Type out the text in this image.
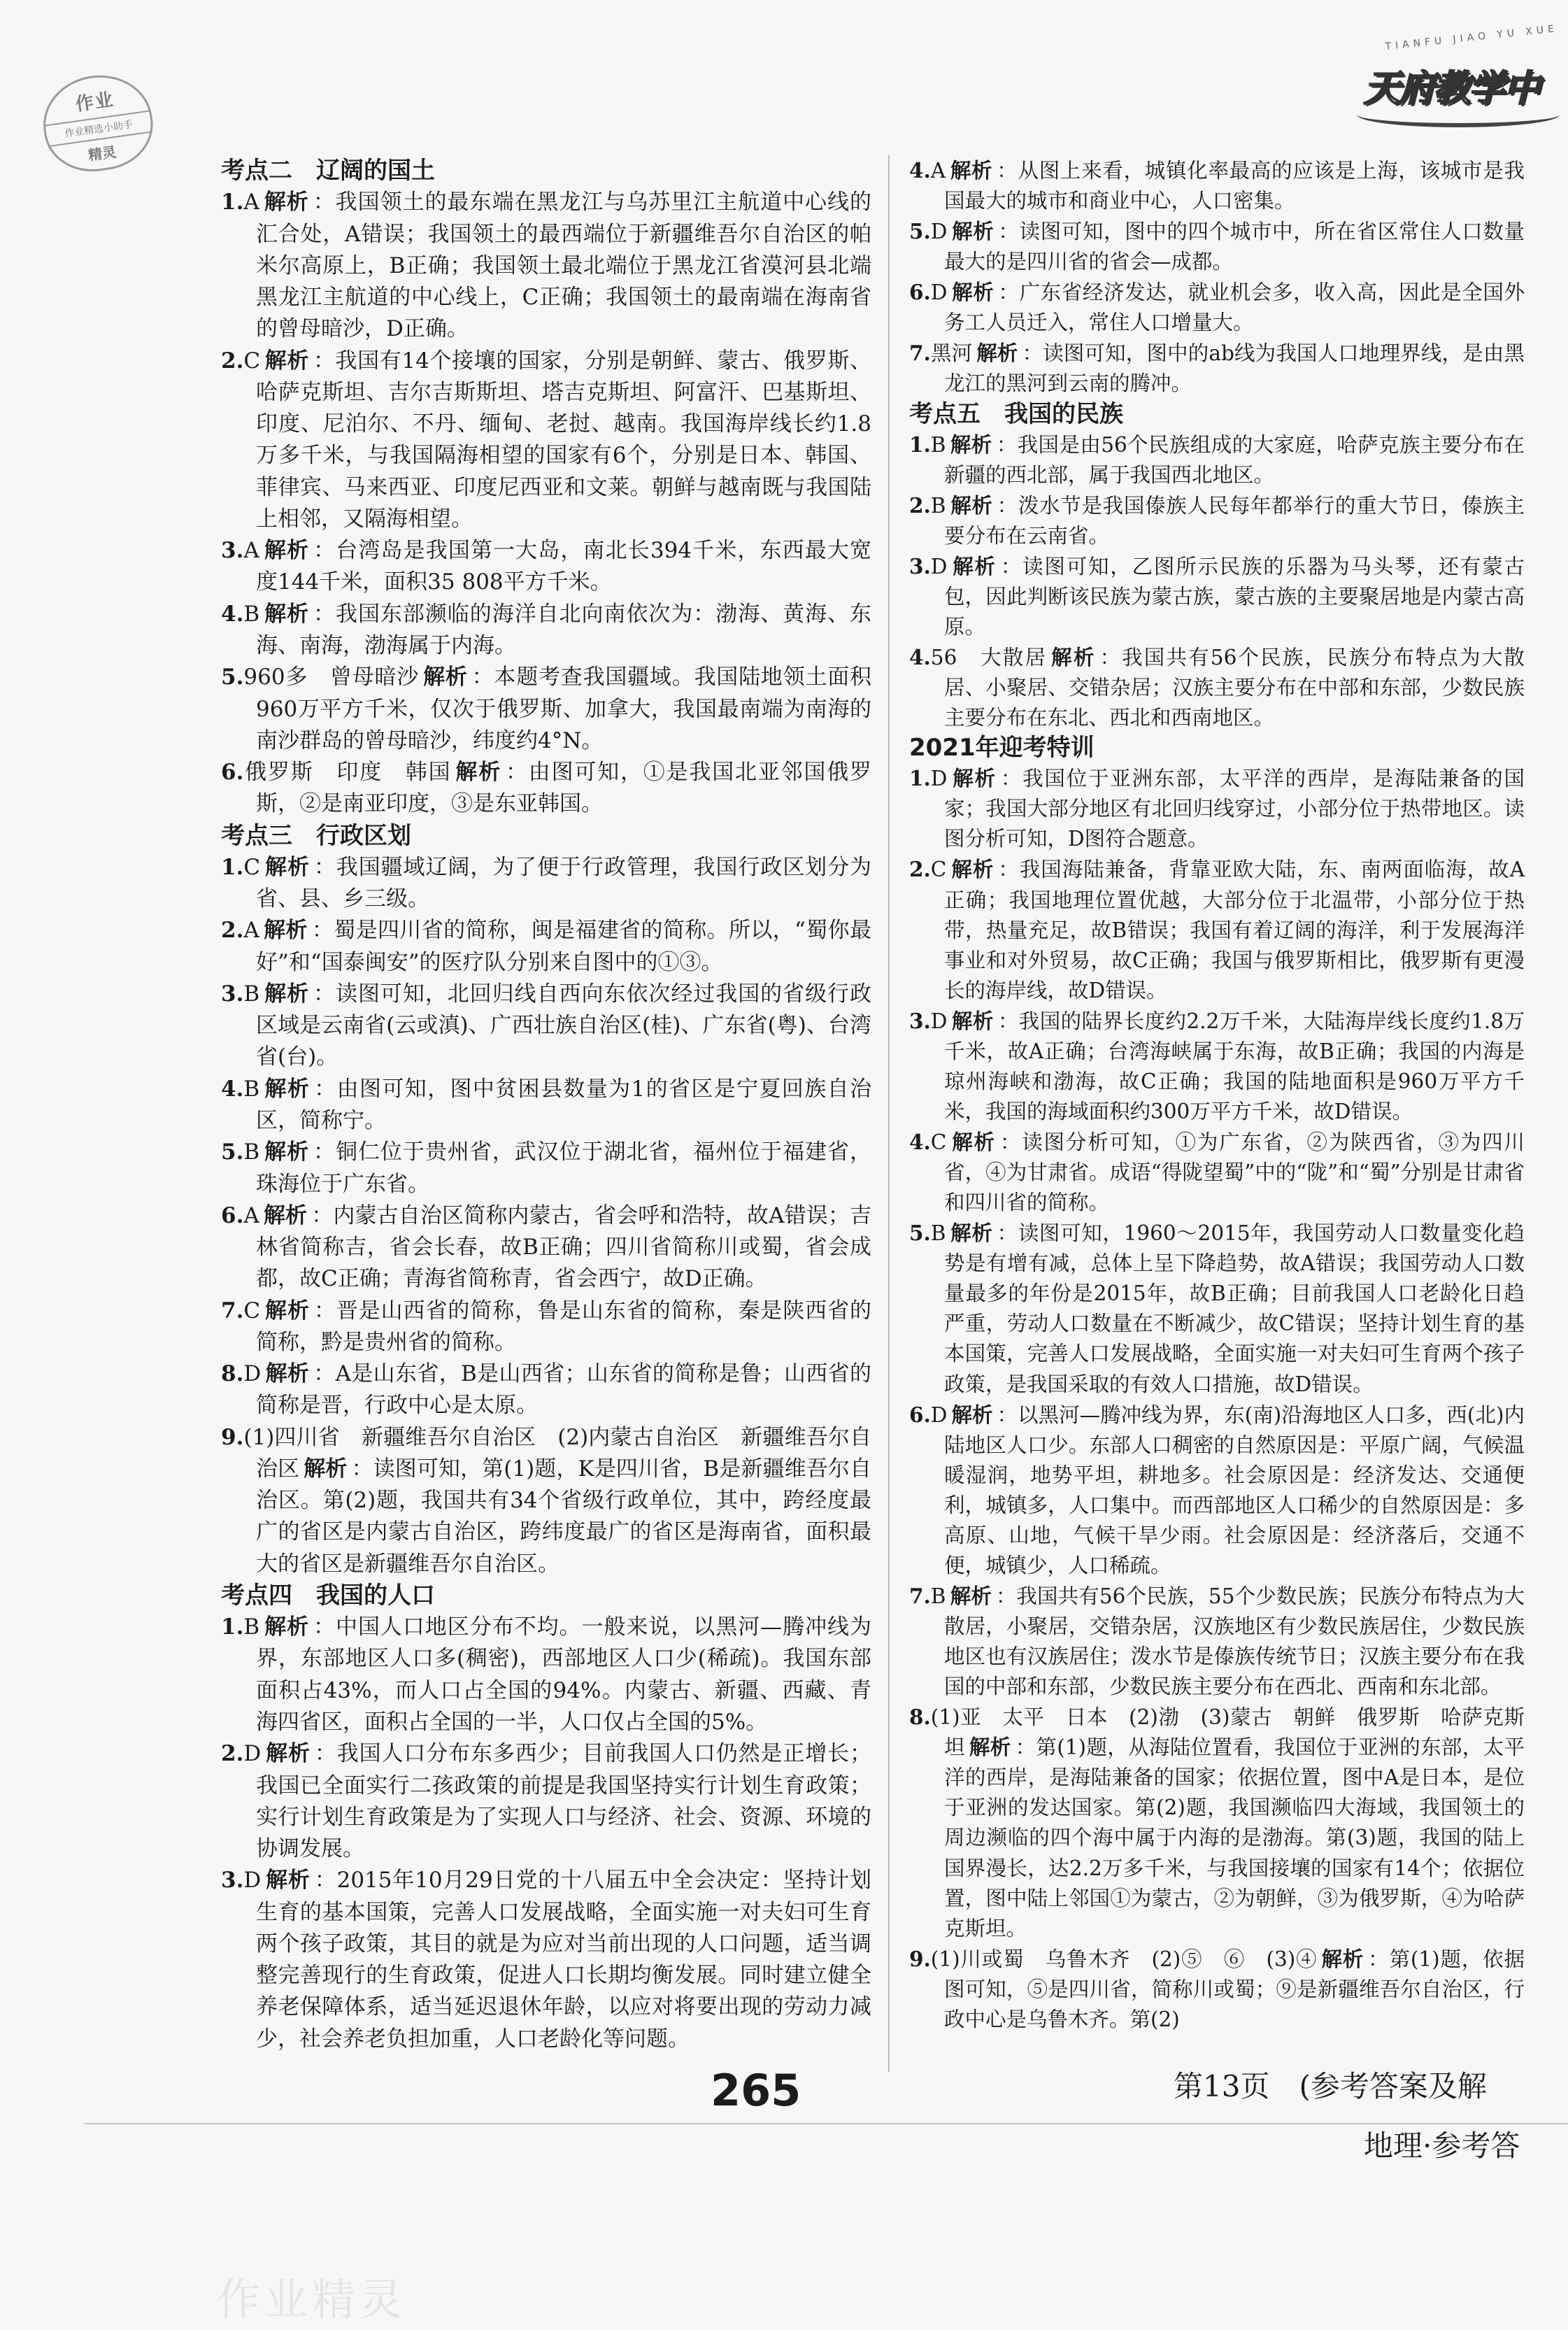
作业
作业精选小助手
精灵
TIANFU JIAO YU XUE
天府教学中
考点二　辽阔的国土
1.A 解析 ：我国领土的最东端在黑龙江与乌苏里江主航道中心线的汇合处，A错误；我国领土的最西端位于新疆维吾尔自治区的帕米尔高原上，B正确；我国领土最北端位于黑龙江省漠河县北端黑龙江主航道的中心线上，C正确；我国领土的最南端在海南省的曾母暗沙，D正确。
2.C 解析 ：我国有14个接壤的国家，分别是朝鲜、蒙古、俄罗斯、哈萨克斯坦、吉尔吉斯斯坦、塔吉克斯坦、阿富汗、巴基斯坦、印度、尼泊尔、不丹、缅甸、老挝、越南。我国海岸线长约1.8万多千米，与我国隔海相望的国家有6个，分别是日本、韩国、菲律宾、马来西亚、印度尼西亚和文莱。朝鲜与越南既与我国陆上相邻，又隔海相望。
3.A 解析 ：台湾岛是我国第一大岛，南北长394千米，东西最大宽度144千米，面积35 808平方千米。
4.B 解析 ：我国东部濒临的海洋自北向南依次为：渤海、黄海、东海、南海，渤海属于内海。
5.960多　曾母暗沙 解析 ：本题考查我国疆域。我国陆地领土面积960万平方千米，仅次于俄罗斯、加拿大，我国最南端为南海的南沙群岛的曾母暗沙，纬度约4°N。
6.俄罗斯　印度　韩国 解析 ：由图可知，①是我国北亚邻国俄罗斯，②是南亚印度，③是东亚韩国。
考点三　行政区划
1.C 解析 ：我国疆域辽阔，为了便于行政管理，我国行政区划分为省、县、乡三级。
2.A 解析 ：蜀是四川省的简称，闽是福建省的简称。所以，“蜀你最好”和“国泰闽安”的医疗队分别来自图中的①③。
3.B 解析 ：读图可知，北回归线自西向东依次经过我国的省级行政区域是云南省(云或滇)、广西壮族自治区(桂)、广东省(粤)、台湾省(台)。
4.B 解析 ：由图可知，图中贫困县数量为1的省区是宁夏回族自治区，简称宁。
5.B 解析 ：铜仁位于贵州省，武汉位于湖北省，福州位于福建省，珠海位于广东省。
6.A 解析 ：内蒙古自治区简称内蒙古，省会呼和浩特，故A错误；吉林省简称吉，省会长春，故B正确；四川省简称川或蜀，省会成都，故C正确；青海省简称青，省会西宁，故D正确。
7.C 解析 ：晋是山西省的简称，鲁是山东省的简称，秦是陕西省的简称，黔是贵州省的简称。
8.D 解析 ：A是山东省，B是山西省；山东省的简称是鲁；山西省的简称是晋，行政中心是太原。
9.(1)四川省　新疆维吾尔自治区　(2)内蒙古自治区　新疆维吾尔自治区 解析 ：读图可知，第(1)题，K是四川省，B是新疆维吾尔自治区。第(2)题，我国共有34个省级行政单位，其中，跨经度最广的省区是内蒙古自治区，跨纬度最广的省区是海南省，面积最大的省区是新疆维吾尔自治区。
考点四　我国的人口
1.B 解析 ：中国人口地区分布不均。一般来说，以黑河—腾冲线为界，东部地区人口多(稠密)，西部地区人口少(稀疏)。我国东部面积占43%，而人口占全国的94%。内蒙古、新疆、西藏、青海四省区，面积占全国的一半，人口仅占全国的5%。
2.D 解析 ：我国人口分布东多西少；目前我国人口仍然是正增长；我国已全面实行二孩政策的前提是我国坚持实行计划生育政策；实行计划生育政策是为了实现人口与经济、社会、资源、环境的协调发展。
3.D 解析 ：2015年10月29日党的十八届五中全会决定：坚持计划生育的基本国策，完善人口发展战略，全面实施一对夫妇可生育两个孩子政策，其目的就是为应对当前出现的人口问题，适当调整完善现行的生育政策，促进人口长期均衡发展。同时建立健全养老保障体系，适当延迟退休年龄，以应对将要出现的劳动力减少，社会养老负担加重，人口老龄化等问题。
4.A 解析 ：从图上来看，城镇化率最高的应该是上海，该城市是我国最大的城市和商业中心，人口密集。
5.D 解析 ：读图可知，图中的四个城市中，所在省区常住人口数量最大的是四川省的省会—成都。
6.D 解析 ：广东省经济发达，就业机会多，收入高，因此是全国外务工人员迁入，常住人口增量大。
7.黑河 解析 ：读图可知，图中的ab线为我国人口地理界线，是由黑龙江的黑河到云南的腾冲。
考点五　我国的民族
1.B 解析 ：我国是由56个民族组成的大家庭，哈萨克族主要分布在新疆的西北部，属于我国西北地区。
2.B 解析 ：泼水节是我国傣族人民每年都举行的重大节日，傣族主要分布在云南省。
3.D 解析 ：读图可知，乙图所示民族的乐器为马头琴，还有蒙古包，因此判断该民族为蒙古族，蒙古族的主要聚居地是内蒙古高原。
4.56　大散居 解析 ：我国共有56个民族，民族分布特点为大散居、小聚居、交错杂居；汉族主要分布在中部和东部，少数民族主要分布在东北、西北和西南地区。
2021年迎考特训
1.D 解析 ：我国位于亚洲东部，太平洋的西岸，是海陆兼备的国家；我国大部分地区有北回归线穿过，小部分位于热带地区。读图分析可知，D图符合题意。
2.C 解析 ：我国海陆兼备，背靠亚欧大陆，东、南两面临海，故A正确；我国地理位置优越，大部分位于北温带，小部分位于热带，热量充足，故B错误；我国有着辽阔的海洋，利于发展海洋事业和对外贸易，故C正确；我国与俄罗斯相比，俄罗斯有更漫长的海岸线，故D错误。
3.D 解析 ：我国的陆界长度约2.2万千米，大陆海岸线长度约1.8万千米，故A正确；台湾海峡属于东海，故B正确；我国的内海是琼州海峡和渤海，故C正确；我国的陆地面积是960万平方千米，我国的海域面积约300万平方千米，故D错误。
4.C 解析 ：读图分析可知，①为广东省，②为陕西省，③为四川省，④为甘肃省。成语“得陇望蜀”中的“陇”和“蜀”分别是甘肃省和四川省的简称。
5.B 解析 ：读图可知，1960～2015年，我国劳动人口数量变化趋势是有增有减，总体上呈下降趋势，故A错误；我国劳动人口数量最多的年份是2015年，故B正确；目前我国人口老龄化日趋严重，劳动人口数量在不断减少，故C错误；坚持计划生育的基本国策，完善人口发展战略，全面实施一对夫妇可生育两个孩子政策，是我国采取的有效人口措施，故D错误。
6.D 解析 ：以黑河—腾冲线为界，东(南)沿海地区人口多，西(北)内陆地区人口少。东部人口稠密的自然原因是：平原广阔，气候温暖湿润，地势平坦，耕地多。社会原因是：经济发达、交通便利，城镇多，人口集中。而西部地区人口稀少的自然原因是：多高原、山地，气候干旱少雨。社会原因是：经济落后，交通不便，城镇少，人口稀疏。
7.B 解析 ：我国共有56个民族，55个少数民族；民族分布特点为大散居，小聚居，交错杂居，汉族地区有少数民族居住，少数民族地区也有汉族居住；泼水节是傣族传统节日；汉族主要分布在我国的中部和东部，少数民族主要分布在西北、西南和东北部。
8.(1)亚　太平　日本　(2)渤　(3)蒙古　朝鲜　俄罗斯　哈萨克斯坦 解析 ：第(1)题，从海陆位置看，我国位于亚洲的东部，太平洋的西岸，是海陆兼备的国家；依据位置，图中A是日本，是位于亚洲的发达国家。第(2)题，我国濒临四大海域，我国领土的周边濒临的四个海中属于内海的是渤海。第(3)题，我国的陆上国界漫长，达2.2万多千米，与我国接壤的国家有14个；依据位置，图中陆上邻国①为蒙古，②为朝鲜，③为俄罗斯，④为哈萨克斯坦。
9.(1)川或蜀　乌鲁木齐　(2)⑤　⑥　(3)④ 解析 ：第(1)题，依据图可知，⑤是四川省，简称川或蜀；⑨是新疆维吾尔自治区，行政中心是乌鲁木齐。第(2)
265	第13页　(参考答案及解
地理·参考答
作业精灵
